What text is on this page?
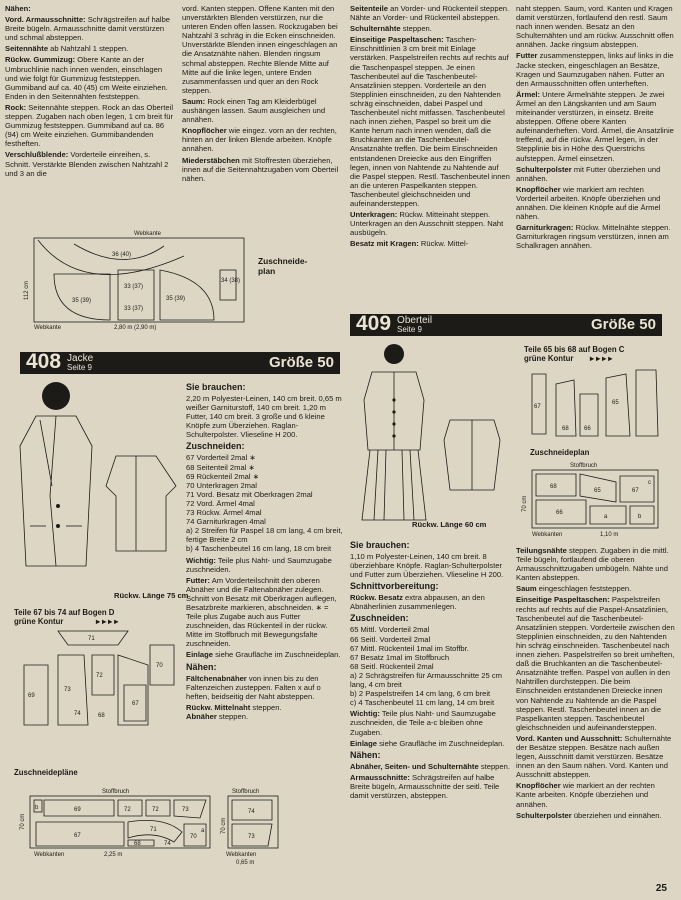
Nähen:

Vord. Armausschnitte: Schrägstreifen auf halbe Breite bügeln. Armausschnitte damit verstürzen und schmal absteppen.

Seitennähte ab Nahtzahl 1 steppen.

Rückw. Gummizug: Obere Kante an der Umbruchlinie nach innen wenden, einschlagen und wie folgt für Gummizug feststeppen. Gummiband auf ca. 40 (45) cm Weite einziehen. Enden in den Seitennähten feststeppen.

Rock: Seitennähte steppen. Rock an das Oberteil steppen. Zugaben nach oben legen, 1 cm breit für Gummizug feststeppen. Gummiband auf ca. 86 (94) cm Weite einziehen. Gummibandenden festheften.

Verschlußblende: Vorderteile einreihen, s. Schnitt. Verstärkte Blenden zwischen Nahtzahl 2 und 3 an die

vord. Kanten steppen. Offene Kanten mit den unverstärkten Blenden verstürzen, nur die unteren Enden offen lassen. Rockzugaben bei Nahtzahl 3 schräg in die Ecken einschneiden. Unverstärkte Blenden innen eingeschlagen an die Ansatznähte nähen. Blenden ringsum schmal absteppen. Rechte Blende Mitte auf Mitte auf die linke legen, untere Enden zusammenfassen und quer an den Rock steppen.

Saum: Rock einen Tag am Kleiderbügel aushängen lassen. Saum ausgleichen und annähen.

Knopflöcher wie eingez. vorn an der rechten, hinten an der linken Blende arbeiten. Knöpfe annähen.

Miederstäbchen mit Stoffresten überziehen, innen auf die Seitennahtzugaben vom Oberteil nähen.

Seitenteile an Vorder- und Rückenteil steppen. Nähte an Vorder- und Rückenteil absteppen.

Schulternähte steppen.

Einseitige Paspeltaschen: Taschen-Einschnittlinien 3 cm breit mit Einlage verstärken. Paspelstreifen rechts auf rechts auf die Taschenpaspel steppen. Je einen Taschenbeutel auf die Taschenbeutel-Ansatzlinien steppen. Vorderteile an den Stepplinien einschneiden, zu den Nahtenden schräg einschneiden, dabei Paspel und Taschenbeutel nicht mitfassen. Taschenbeutel nach innen ziehen, Paspel so breit um die Kante herum nach innen wenden, daß die Bruchkanten an die Taschenbeutel-Ansatznähte treffen. Die beim Einschneiden entstandenen Dreiecke aus den Eingriffen legen, innen von Nahtende zu Nahtende auf die Paspel steppen. Restl. Taschenbeutel innen an die unteren Paspelkanten steppen. Taschenbeutel gleichschneiden und aufeinandersteppen.

Unterkragen: Rückw. Mitteinaht steppen. Unterkragen an den Ausschnitt steppen. Naht ausbügeln.

Besatz mit Kragen: Rückw. Mittel-

naht steppen. Saum, vord. Kanten und Kragen damit verstürzen, fortlaufend den restl. Saum nach innen wenden. Besatz an den Schulternähten und am rückw. Ausschnitt offen annähen. Jacke ringsum absteppen.

Futter zusammensteppen, links auf links in die Jacke stecken, eingeschlagen an Besätze, Kragen und Saumzugaben nähen. Futter an den Armausschnitten offen unterheften.

Ärmel: Untere Ärmelnähte steppen. Je zwei Ärmel an den Längskanten und am Saum miteinander verstürzen, in einsetz. Breite absteppen. Offene obere Kanten aufeinanderheften. Vord. Ärmel, die Ansatzlinie treffend, auf die rückw. Ärmel legen, in der Stepplinie bis in Höhe des Querstrichs aufsteppen. Ärmel einsetzen.

Schulterpolster mit Futter überziehen und annähen.

Knopflöcher wie markiert am rechten Vorderteil arbeiten. Knöpfe überziehen und annähen. Die kleinen Knöpfe auf die Ärmel nähen.

Garniturkragen: Rückw. Mittelnähte steppen. Garniturkragen ringsum verstürzen, innen am Schalkragen annähen.

Webkante
Webkante
112 cm
2,80 m (2,90 m)
36 (40)
35 (39)
33 (37)
35 (39)
34 (38)
33 (37)
Zuschneide-
plan
408 Jacke
Seite 9	Größe 50
Rückw. Länge 75 cm
Teile 67 bis 74 auf Bogen D
grüne Kontur	▸ ▸ ▸ ▸
71
69
73
72
67
70
74	68
Zuschneidepläne
Stoffbruch
Webkanten
70 cm
2,25 m
b	69	72	72	73
67
71
68	74
70
a
Stoffbruch
Webkanten
70 cm
0,65 m
74
73
Sie brauchen:

2,20 m Polyester-Leinen, 140 cm breit. 0,65 m weißer Garniturstoff, 140 cm breit. 1,20 m Futter, 140 cm breit. 3 große und 6 kleine Knöpfe zum Überziehen. Raglan-Schulterpolster. Vlieseline H 200.

Zuschneiden:

67 Vorderteil 2mal ∗
68 Seitenteil 2mal ∗
69 Rückenteil 2mal ∗
70 Unterkragen 2mal
71 Vord. Besatz mit Oberkragen 2mal
72 Vord. Ärmel 4mal
73 Rückw. Ärmel 4mal
74 Garniturkragen 4mal
a) 2 Streifen für Paspel 18 cm lang, 4 cm breit, fertige Breite 2 cm
b) 4 Taschenbeutel 16 cm lang, 18 cm breit

Wichtig: Teile plus Naht- und Saumzugabe zuschneiden.

Futter: Am Vorderteilschnitt den oberen Abnäher und die Faltenabnäher zulegen. Schnitt von Besatz mit Oberkragen auflegen, Besatzbreite markieren, abschneiden. ∗ = Teile plus Zugabe auch aus Futter zuschneiden, das Rückenteil in der rückw. Mitte im Stoffbruch mit Bewegungsfalte zuschneiden.

Einlage siehe Graufläche im Zuschneideplan.

Nähen:

Fältchenabnäher von innen bis zu den Faltenzeichen zusteppen. Falten x auf o heften, beidseitig der Naht absteppen.

Rückw. Mittelnaht steppen.
Abnäher steppen.

409 Oberteil
Seite 9	Größe 50
Rückw. Länge 60 cm
Teile 65 bis 68 auf Bogen C
grüne Kontur	▸ ▸ ▸ ▸
67
68	66
65
Zuschneideplan
Stoffbruch
Webkanten
70 cm
1,10 m
68
65	67
66
a	b
c
Sie brauchen:

1,10 m Polyester-Leinen, 140 cm breit. 8 überziehbare Knöpfe. Raglan-Schulterpolster und Futter zum Überziehen. Vlieseline H 200.

Schnittvorbereitung:

Rückw. Besatz extra abpausen, an den Abnäherlinien zusammenlegen.

Zuschneiden:

65 Mittl. Vorderteil 2mal
66 Seitl. Vorderteil 2mal
67 Mittl. Rückenteil 1mal im Stoffbr.
67 Besatz 1mal im Stoffbruch
68 Seitl. Rückenteil 2mal
a) 2 Schrägstreifen für Armausschnitte 25 cm lang, 4 cm breit
b) 2 Paspelstreifen 14 cm lang, 6 cm breit
c) 4 Taschenbeutel 11 cm lang, 14 cm breit

Wichtig: Teile plus Naht- und Saumzugabe zuschneiden, die Teile a-c bleiben ohne Zugaben.

Einlage siehe Graufläche im Zuschneideplan.

Nähen:

Abnäher, Seiten- und Schulternähte steppen.

Armausschnitte: Schrägstreifen auf halbe Breite bügeln, Armausschnitte der seitl. Teile damit verstürzen, absteppen.

Teilungsnähte steppen. Zugaben in die mittl. Teile bügeln, fortlaufend die oberen Armausschnittzugaben umbügeln. Nähte und Kanten absteppen.

Saum eingeschlagen feststeppen.

Einseitige Paspeltaschen: Paspelstreifen rechts auf rechts auf die Paspel-Ansatzlinien, Taschenbeutel auf die Taschenbeutel-Ansatzlinien steppen. Vorderteile zwischen den Stepplinien einschneiden, zu den Nahtenden hin schräg einschneiden. Taschenbeutel nach innen ziehen. Paspelstreifen so breit umheften, daß die Bruchkanten an die Taschenbeutel-Ansatznähte treffen. Paspel von außen in den Nahtrillen durchsteppen. Die beim Einschneiden entstandenen Dreiecke innen von Nahtende zu Nahtende an die Paspel steppen. Restl. Taschenbeutel innen an die Paspelkanten steppen. Taschenbeutel gleichschneiden und aufeinandersteppen.

Vord. Kanten und Ausschnitt: Schulternähte der Besätze steppen. Besätze nach außen legen, Ausschnitt damit verstürzen. Besätze innen an den Saum nähen. Vord. Kanten und Ausschnitt absteppen.

Knopflöcher wie markiert an der rechten Kante arbeiten. Knöpfe überziehen und annähen.

Schulterpolster überziehen und einnähen.

25
